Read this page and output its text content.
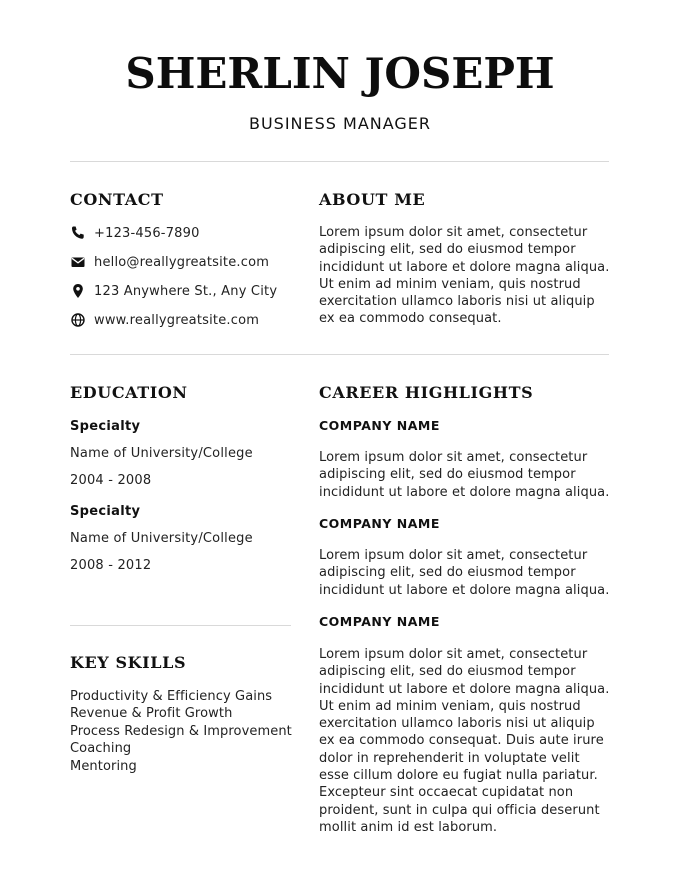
SHERLIN JOSEPH
BUSINESS MANAGER
CONTACT
+123-456-7890
hello@reallygreatsite.com
123 Anywhere St., Any City
www.reallygreatsite.com
ABOUT ME
Lorem ipsum dolor sit amet, consectetur adipiscing elit, sed do eiusmod tempor incididunt ut labore et dolore magna aliqua. Ut enim ad minim veniam, quis nostrud exercitation ullamco laboris nisi ut aliquip ex ea commodo consequat.
EDUCATION
Specialty
Name of University/College
2004 - 2008
Specialty
Name of University/College
2008 - 2012
KEY SKILLS
Productivity & Efficiency Gains
Revenue & Profit Growth
Process Redesign & Improvement
Coaching
Mentoring
CAREER HIGHLIGHTS
COMPANY NAME
Lorem ipsum dolor sit amet, consectetur adipiscing elit, sed do eiusmod tempor incididunt ut labore et dolore magna aliqua.
COMPANY NAME
Lorem ipsum dolor sit amet, consectetur adipiscing elit, sed do eiusmod tempor incididunt ut labore et dolore magna aliqua.
COMPANY NAME
Lorem ipsum dolor sit amet, consectetur adipiscing elit, sed do eiusmod tempor incididunt ut labore et dolore magna aliqua. Ut enim ad minim veniam, quis nostrud exercitation ullamco laboris nisi ut aliquip ex ea commodo consequat. Duis aute irure dolor in reprehenderit in voluptate velit esse cillum dolore eu fugiat nulla pariatur. Excepteur sint occaecat cupidatat non proident, sunt in culpa qui officia deserunt mollit anim id est laborum.
